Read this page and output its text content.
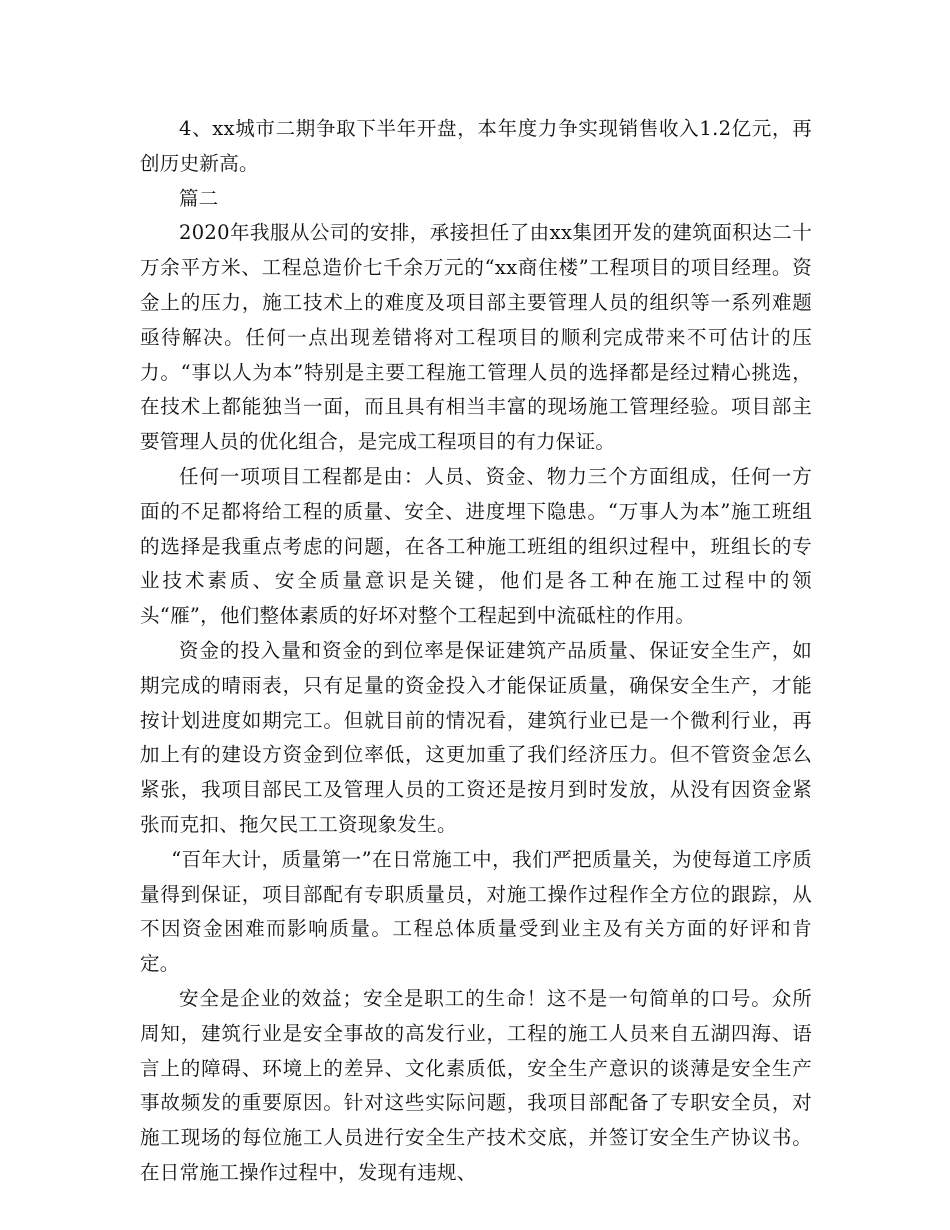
4、xx城市二期争取下半年开盘，本年度力争实现销售收入1.2亿元，再创历史新高。

篇二

2020年我服从公司的安排，承接担任了由xx集团开发的建筑面积达二十万余平方米、工程总造价七千余万元的“xx商住楼”工程项目的项目经理。资金上的压力，施工技术上的难度及项目部主要管理人员的组织等一系列难题亟待解决。任何一点出现差错将对工程项目的顺利完成带来不可估计的压力。“事以人为本”特别是主要工程施工管理人员的选择都是经过精心挑选，在技术上都能独当一面，而且具有相当丰富的现场施工管理经验。项目部主要管理人员的优化组合，是完成工程项目的有力保证。

任何一项项目工程都是由：人员、资金、物力三个方面组成，任何一方面的不足都将给工程的质量、安全、进度埋下隐患。“万事人为本”施工班组的选择是我重点考虑的问题，在各工种施工班组的组织过程中，班组长的专业技术素质、安全质量意识是关键，他们是各工种在施工过程中的领头“雁”，他们整体素质的好坏对整个工程起到中流砥柱的作用。

资金的投入量和资金的到位率是保证建筑产品质量、保证安全生产，如期完成的晴雨表，只有足量的资金投入才能保证质量，确保安全生产，才能按计划进度如期完工。但就目前的情况看，建筑行业已是一个微利行业，再加上有的建设方资金到位率低，这更加重了我们经济压力。但不管资金怎么紧张，我项目部民工及管理人员的工资还是按月到时发放，从没有因资金紧张而克扣、拖欠民工工资现象发生。

“百年大计，质量第一”在日常施工中，我们严把质量关，为使每道工序质量得到保证，项目部配有专职质量员，对施工操作过程作全方位的跟踪，从不因资金困难而影响质量。工程总体质量受到业主及有关方面的好评和肯定。

安全是企业的效益；安全是职工的生命！这不是一句简单的口号。众所周知，建筑行业是安全事故的高发行业，工程的施工人员来自五湖四海、语言上的障碍、环境上的差异、文化素质低，安全生产意识的谈薄是安全生产事故频发的重要原因。针对这些实际问题，我项目部配备了专职安全员，对施工现场的每位施工人员进行安全生产技术交底，并签订安全生产协议书。在日常施工操作过程中，发现有违规、
